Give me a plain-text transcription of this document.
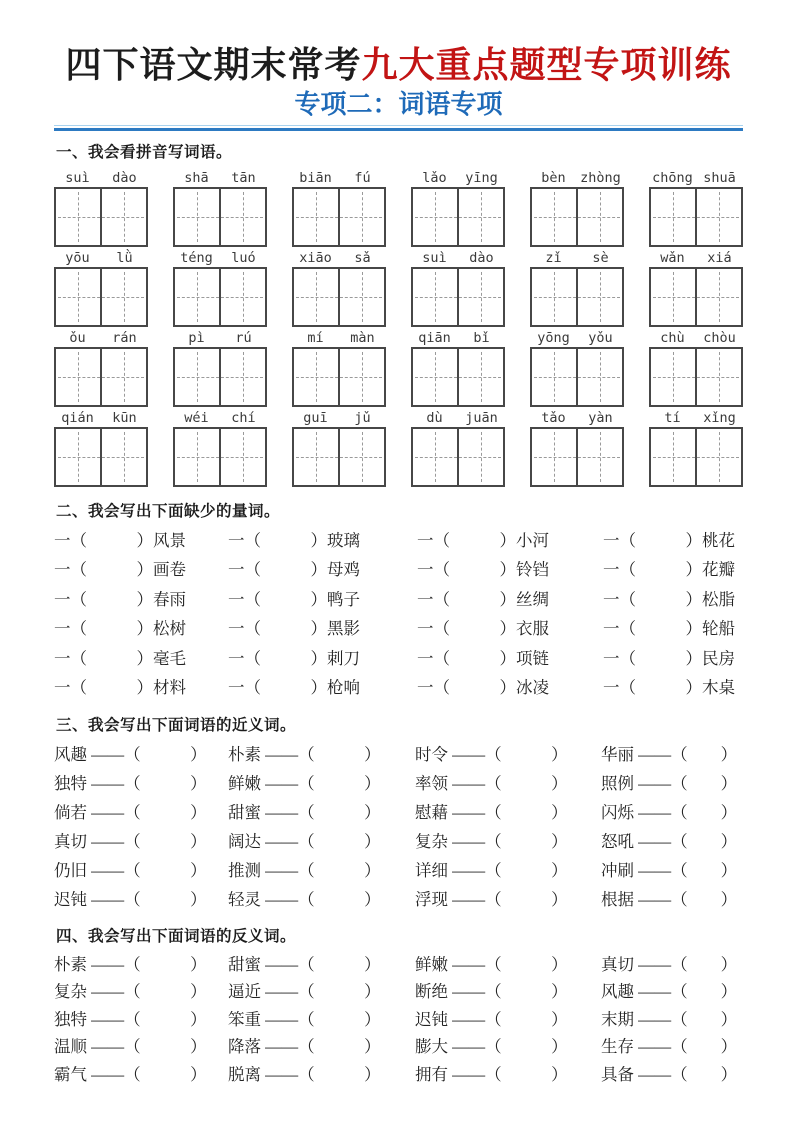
四下语文期末常考九大重点题型专项训练
专项二：词语专项
一、我会看拼音写词语。
suì	dào	shā	tān	biān	fú	lǎo	yīng	bèn	zhòng chōng shuā
yōu	lǜ	téng	luó	xiāo	sǎ	suì	dào	zǐ	sè	wǎn	xiá
ǒu	rán	pì	rú	mí	màn	qiān	bǐ	yōng	yǒu	chù	chòu
qián	kūn	wéi	chí	guī	jǔ	dù	juān	tǎo	yàn	tí	xǐng
二、我会写出下面缺少的量词。
一（　　　）风景	一（　　　）玻璃	一（　　　）小河	一（　　　）桃花
一（　　　）画卷	一（　　　）母鸡	一（　　　）铃铛	一（　　　）花瓣
一（　　　）春雨	一（　　　）鸭子	一（　　　）丝绸	一（　　　）松脂
一（　　　）松树	一（　　　）黑影	一（　　　）衣服	一（　　　）轮船
一（　　　）毫毛	一（　　　）刺刀	一（　　　）项链	一（　　　）民房
一（　　　）材料	一（　　　）枪响	一（　　　）冰凌	一（　　　）木桌
三、我会写出下面词语的近义词。
风趣 ——（　　　）	朴素 ——（　　　）	时令 ——（　　　）	华丽 ——（　　）
独特 ——（　　　）	鲜嫩 ——（　　　）	率领 ——（　　　）	照例 ——（　　）
倘若 ——（　　　）	甜蜜 ——（　　　）	慰藉 ——（　　　）	闪烁 ——（　　）
真切 ——（　　　）	阔达 ——（　　　）	复杂 ——（　　　）	怒吼 ——（　　）
仍旧 ——（　　　）	推测 ——（　　　）	详细 ——（　　　）	冲刷 ——（　　）
迟钝 ——（　　　）	轻灵 ——（　　　）	浮现 ——（　　　）	根据 ——（　　）
四、我会写出下面词语的反义词。
朴素 ——（　　　）	甜蜜 ——（　　　）	鲜嫩 ——（　　　）	真切 ——（　　）
复杂 ——（　　　）	逼近 ——（　　　）	断绝 ——（　　　）	风趣 ——（　　）
独特 ——（　　　）	笨重 ——（　　　）	迟钝 ——（　　　）	末期 ——（　　）
温顺 ——（　　　）	降落 ——（　　　）	膨大 ——（　　　）	生存 ——（　　）
霸气 ——（　　　）	脱离 ——（　　　）	拥有 ——（　　　）	具备 ——（　　）
